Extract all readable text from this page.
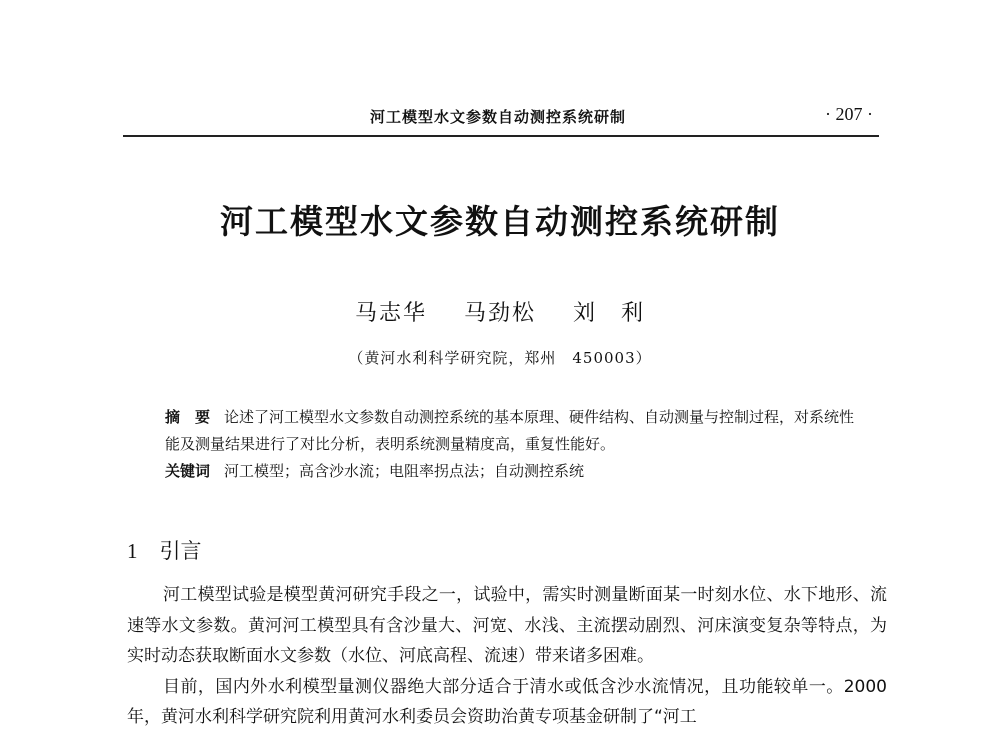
河工模型水文参数自动测控系统研制	· 207 ·
河工模型水文参数自动测控系统研制
马志华 马劲松 刘　利
（黄河水利科学研究院，郑州　450003）
摘　要 论述了河工模型水文参数自动测控系统的基本原理、硬件结构、自动测量与控制过程，对系统性能及测量结果进行了对比分析，表明系统测量精度高，重复性能好。
关键词 河工模型；高含沙水流；电阻率拐点法；自动测控系统
1 引言

河工模型试验是模型黄河研究手段之一，试验中，需实时测量断面某一时刻水位、水下地形、流速等水文参数。黄河河工模型具有含沙量大、河宽、水浅、主流摆动剧烈、河床演变复杂等特点，为实时动态获取断面水文参数（水位、河底高程、流速）带来诸多困难。

目前，国内外水利模型量测仪器绝大部分适合于清水或低含沙水流情况，且功能较单一。2000 年，黄河水利科学研究院利用黄河水利委员会资助治黄专项基金研制了“河工
